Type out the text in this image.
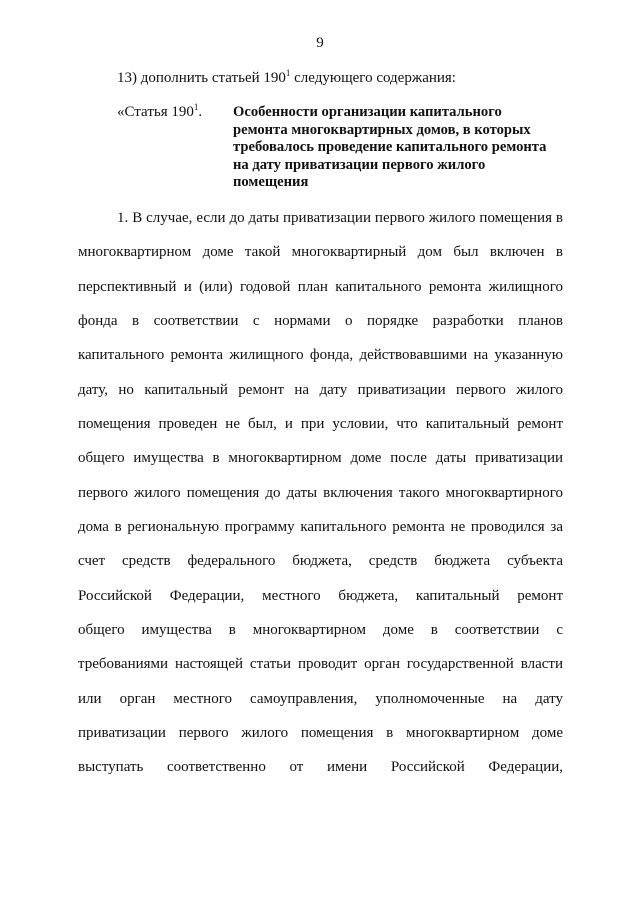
9
13) дополнить статьей $190^1$ следующего содержания:
«Статья $190^1$. Особенности организации капитального
ремонта многоквартирных домов, в которых
требовалось проведение капитального ремонта
на дату приватизации первого жилого
помещения
1. В случае, если до даты приватизации первого жилого помещения в
многоквартирном доме такой многоквартирный дом был включен в
перспективный и (или) годовой план капитального ремонта жилищного
фонда в соответствии с нормами о порядке разработки планов
капитального ремонта жилищного фонда, действовавшими на указанную
дату, но капитальный ремонт на дату приватизации первого жилого
помещения проведен не был, и при условии, что капитальный ремонт
общего имущества в многоквартирном доме после даты приватизации
первого жилого помещения до даты включения такого многоквартирного
дома в региональную программу капитального ремонта не проводился за
счет средств федерального бюджета, средств бюджета субъекта
Российской Федерации, местного бюджета, капитальный ремонт
общего имущества в многоквартирном доме в соответствии с
требованиями настоящей статьи проводит орган государственной власти
или орган местного самоуправления, уполномоченные на дату
приватизации первого жилого помещения в многоквартирном доме
выступать соответственно от имени Российской Федерации,
